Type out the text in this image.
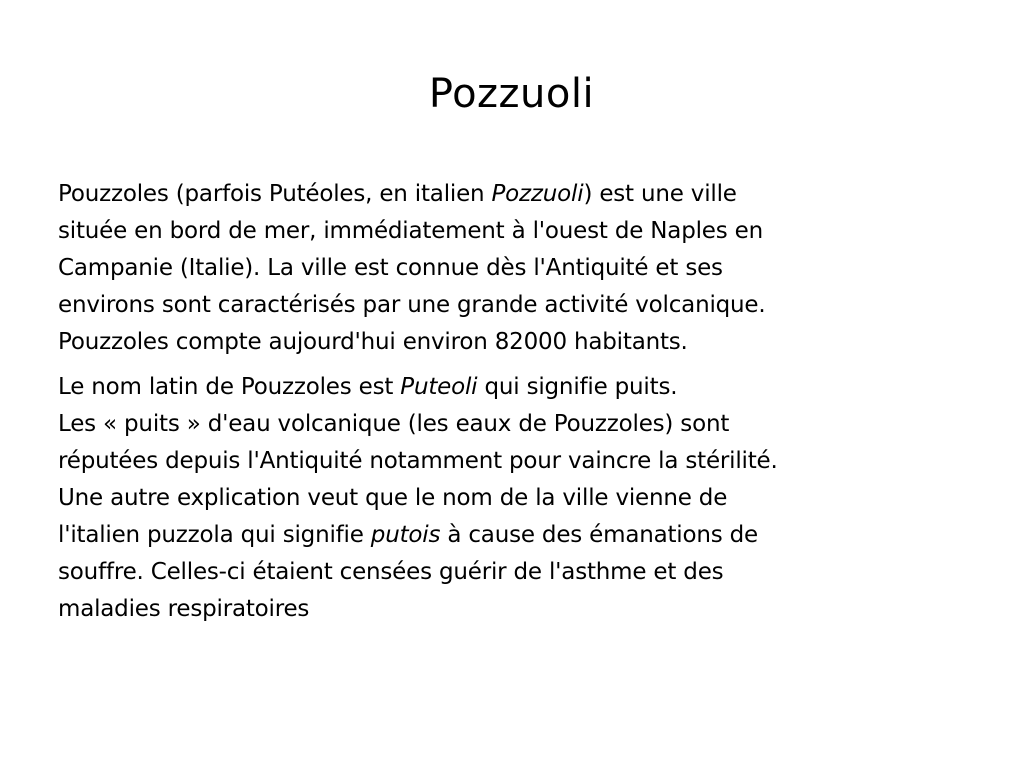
Pozzuoli

Pouzzoles (parfois Putéoles, en italien Pozzuoli) est une ville
située en bord de mer, immédiatement à l'ouest de Naples en
Campanie (Italie). La ville est connue dès l'Antiquité et ses
environs sont caractérisés par une grande activité volcanique.
Pouzzoles compte aujourd'hui environ 82000 habitants.

Le nom latin de Pouzzoles est Puteoli qui signifie puits.
Les « puits » d'eau volcanique (les eaux de Pouzzoles) sont
réputées depuis l'Antiquité notamment pour vaincre la stérilité.
Une autre explication veut que le nom de la ville vienne de
l'italien puzzola qui signifie putois à cause des émanations de
souffre. Celles-ci étaient censées guérir de l'asthme et des
maladies respiratoires
